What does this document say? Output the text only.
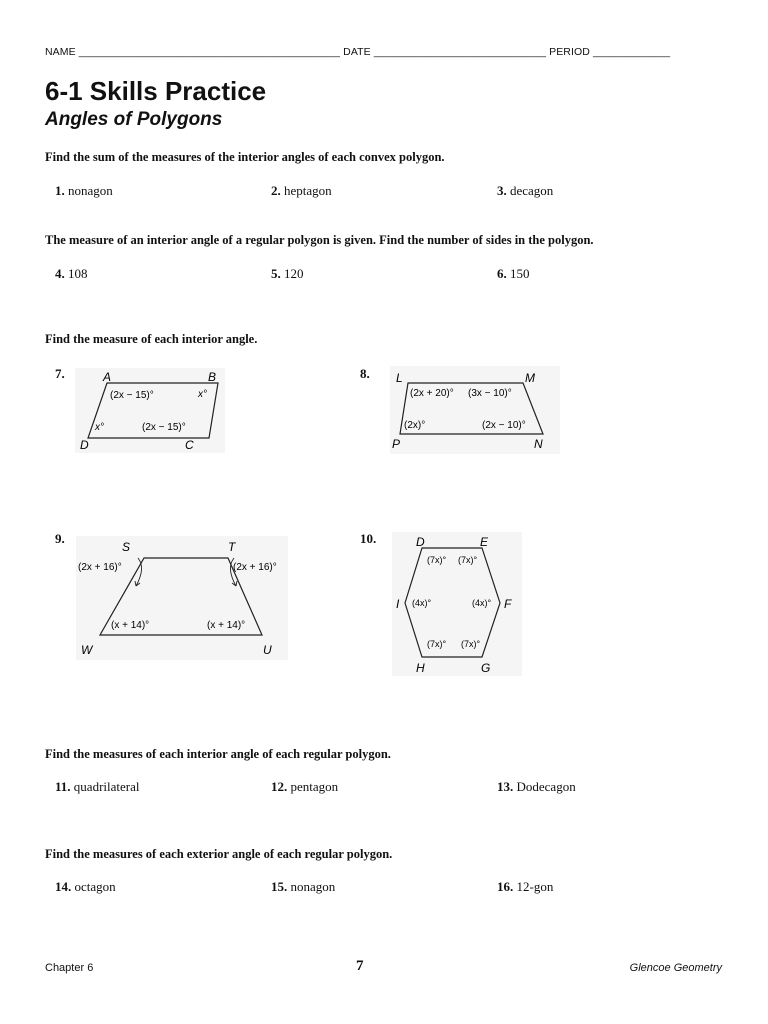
NAME ____________________________________________ DATE _____________________________ PERIOD _____________
6-1 Skills Practice
Angles of Polygons
Find the sum of the measures of the interior angles of each convex polygon.
1. nonagon	2. heptagon	3. decagon
The measure of an interior angle of a regular polygon is given. Find the number of sides in the polygon.
4. 108	5. 120	6. 150
Find the measure of each interior angle.
7.	8.
9.	10.
A	B
C
D
(2x − 15)°	x°
x°	(2x − 15)°
L	M
N
P
(2x + 20)° (3x − 10)°
(2x)°	(2x − 10)°
S	T
U
W
(2x + 16)°	(2x + 16)°
(x + 14)°	(x + 14)°
D	E
F
G
H
I
(7x)° (7x)°
(4x)°
(4x)°
(7x)°
(7x)°
Find the measures of each interior angle of each regular polygon.
11. quadrilateral	12. pentagon	13. Dodecagon
Find the measures of each exterior angle of each regular polygon.
14. octagon	15. nonagon	16. 12-gon
Chapter 6	7	Glencoe Geometry
